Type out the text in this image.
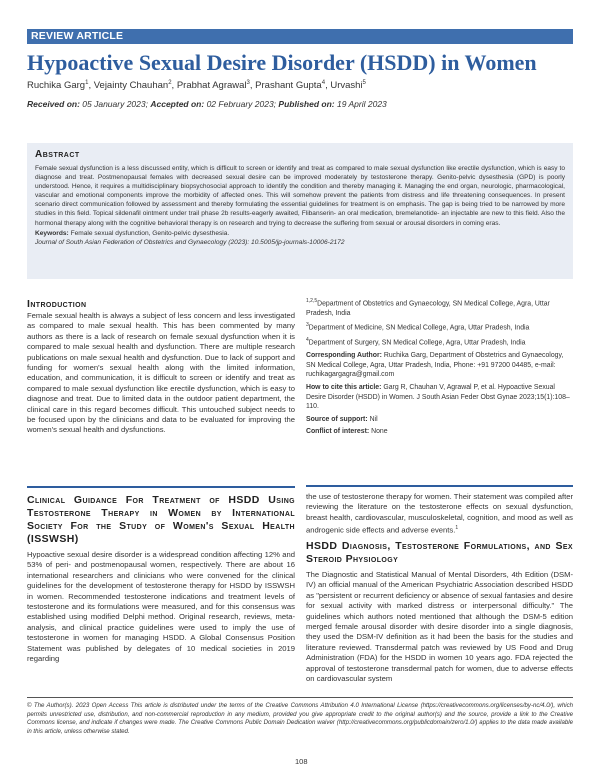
REVIEW ARTICLE
Hypoactive Sexual Desire Disorder (HSDD) in Women
Ruchika Garg$^1$, Vejainty Chauhan$^2$, Prabhat Agrawal$^3$, Prashant Gupta$^4$, Urvashi$^5$
Received on: 05 January 2023; Accepted on: 02 February 2023; Published on: 19 April 2023
Abstract

Female sexual dysfunction is a less discussed entity, which is difficult to screen or identify and treat as compared to male sexual dysfunction like erectile dysfunction, which is easy to diagnose and treat. Postmenopausal females with decreased sexual desire can be improved moderately by testosterone therapy. Genito-pelvic dysesthesia (GPD) is poorly understood. Hence, it requires a multidisciplinary biopsychosocial approach to identify the condition and thereby managing it. Managing the end organ, neurologic, pharmacological, vascular and emotional components improve the morbidity of affected ones. This will somehow prevent the patients from distress and life threatening consequences. In present scenario direct communication followed by assessment and thereby formulating the essential guidelines for treatment is on emphasis. The gap is being tried to be narrowed by more studies in this field. Topical sildenafil ointment under trail phase 2b results-eagerly awaited, Flibanserin- an oral medication, bremelanotide- an injectable are new to this field. Also the hormonal therapy along with the cognitive behavioral therapy is on research and trying to decrease the suffering from sexual or arousal disorders in coming eras.

Keywords: Female sexual dysfunction, Genito-pelvic dysesthesia.

Journal of South Asian Federation of Obstetrics and Gynaecology (2023): 10.5005/jp-journals-10006-2172

Introduction

Female sexual health is always a subject of less concern and less investigated as compared to male sexual health. This has been commented by many authors as there is a lack of research on female sexual dysfunction when it is compared to male sexual health and dysfunction. There are multiple research publications on male sexual health and dysfunction. Due to lack of support and funding for women's sexual health along with the limited information, education, and communication, it is difficult to screen or identify and treat as compared to male sexual dysfunction like erectile dysfunction, which is easy to diagnose and treat. Due to limited data in the outdoor patient department, the clinical care in this regard becomes difficult. This untouched subject needs to be focused upon by the clinicians and data to be evaluated for improving the women's sexual health and dysfunctions.

Clinical Guidance For Treatment of HSDD Using Testosterone Therapy in Women by International Society For the Study of Women's Sexual Health (ISSWSH)

Hypoactive sexual desire disorder is a widespread condition affecting 12% and 53% of peri- and postmenopausal women, respectively. There are about 16 international researchers and clinicians who were convened for the clinical guidelines for the development of testosterone therapy for HSDD by ISSWSH in women. Recommended testosterone indications and treatment levels of testosterone and its formulations were measured, and for this consensus was established using modified Delphi method. Original research, reviews, meta-analysis, and clinical practice guidelines were used to imply the use of testosterone in women for managing HSDD. A Global Consensus Position Statement was published by delegates of 10 medical societies in 2019 regarding

$^{1,2,5}$Department of Obstetrics and Gynaecology, SN Medical College, Agra, Uttar Pradesh, India

$^3$Department of Medicine, SN Medical College, Agra, Uttar Pradesh, India

$^4$Department of Surgery, SN Medical College, Agra, Uttar Pradesh, India

Corresponding Author: Ruchika Garg, Department of Obstetrics and Gynaecology, SN Medical College, Agra, Uttar Pradesh, India, Phone: +91 97200 04485, e-mail: ruchikagargagra@gmail.com

How to cite this article: Garg R, Chauhan V, Agrawal P, et al. Hypoactive Sexual Desire Disorder (HSDD) in Women. J South Asian Feder Obst Gynae 2023;15(1):108–110.

Source of support: Nil

Conflict of interest: None

the use of testosterone therapy for women. Their statement was compiled after reviewing the literature on the testosterone effects on sexual dysfunction, breast health, cardiovascular, musculoskeletal, cognition, and mood as well as androgenic side effects and adverse events.$^1$

HSDD Diagnosis, Testosterone Formulations, and Sex Steroid Physiology

The Diagnostic and Statistical Manual of Mental Disorders, 4th Edition (DSM-IV) an official manual of the American Psychiatric Association described HSDD as "persistent or recurrent deficiency or absence of sexual fantasies and desire for sexual activity with marked distress or interpersonal difficulty." The guidelines which authors noted mentioned that although the DSM-5 edition merged female arousal disorder with desire disorder into a single diagnosis, they used the DSM-IV definition as it had been the basis for the studies and literature reviewed. Transdermal patch was reviewed by US Food and Drug Administration (FDA) for the HSDD in women 10 years ago. FDA rejected the approval of testosterone transdermal patch for women, due to adverse effects on cardiovascular system

© The Author(s). 2023 Open Access This article is distributed under the terms of the Creative Commons Attribution 4.0 International License (https://creativecommons.org/licenses/by-nc/4.0/), which permits unrestricted use, distribution, and non-commercial reproduction in any medium, provided you give appropriate credit to the original author(s) and the source, provide a link to the Creative Commons license, and indicate if changes were made. The Creative Commons Public Domain Dedication waiver (http://creativecommons.org/publicdomain/zero/1.0/) applies to the data made available in this article, unless otherwise stated.
108
